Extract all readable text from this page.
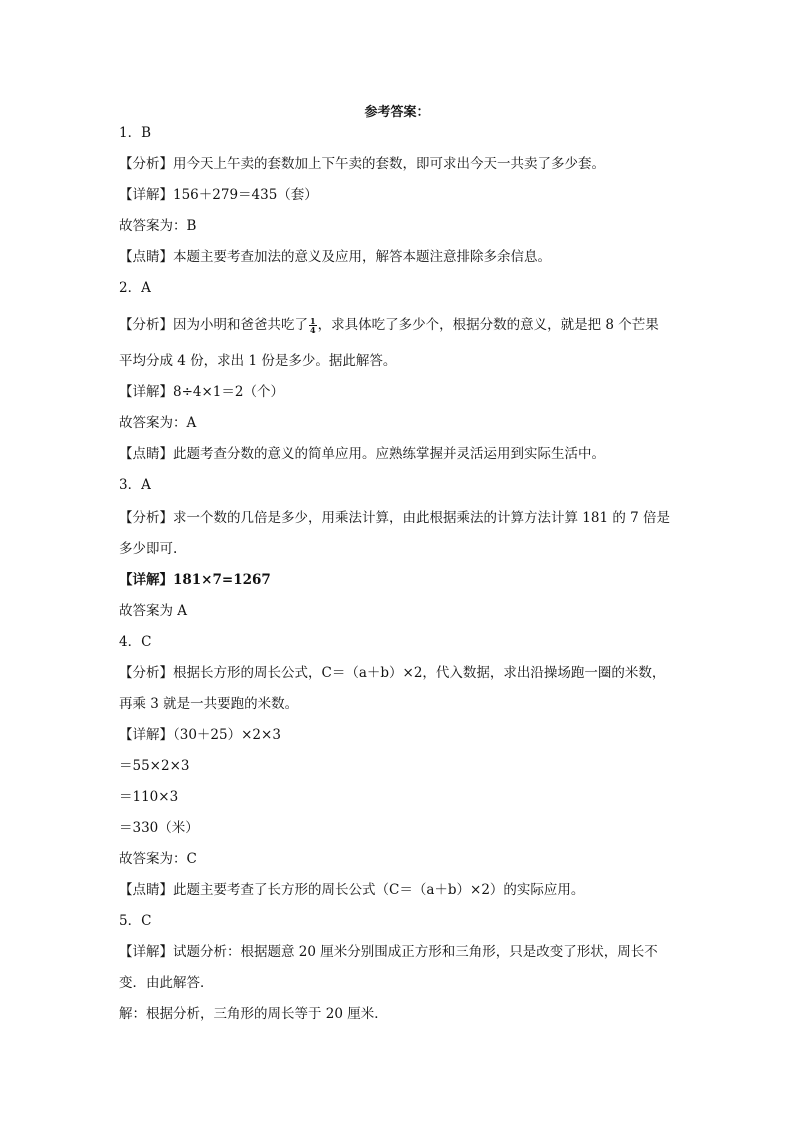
参考答案：
1．B
【分析】用今天上午卖的套数加上下午卖的套数，即可求出今天一共卖了多少套。
【详解】156＋279＝435（套）
故答案为：B
【点睛】本题主要考查加法的意义及应用，解答本题注意排除多余信息。
2．A
【分析】因为小明和爸爸共吃了 $\frac{1}{4}$ ，求具体吃了多少个，根据分数的意义，就是把 8 个芒果
平均分成 4 份，求出 1 份是多少。据此解答。
【详解】8÷4×1＝2（个）
故答案为：A
【点睛】此题考查分数的意义的简单应用。应熟练掌握并灵活运用到实际生活中。
3．A
【分析】求一个数的几倍是多少，用乘法计算，由此根据乘法的计算方法计算 181 的 7 倍是
多少即可.
【详解】181×7=1267
故答案为 A
4．C
【分析】根据长方形的周长公式，C＝（a＋b）×2，代入数据，求出沿操场跑一圈的米数，
再乘 3 就是一共要跑的米数。
【详解】（30＋25）×2×3
＝55×2×3
＝110×3
＝330（米）
故答案为：C
【点睛】此题主要考查了长方形的周长公式（C＝（a＋b）×2）的实际应用。
5．C
【详解】试题分析：根据题意 20 厘米分别围成正方形和三角形，只是改变了形状，周长不
变．由此解答．
解：根据分析，三角形的周长等于 20 厘米．
